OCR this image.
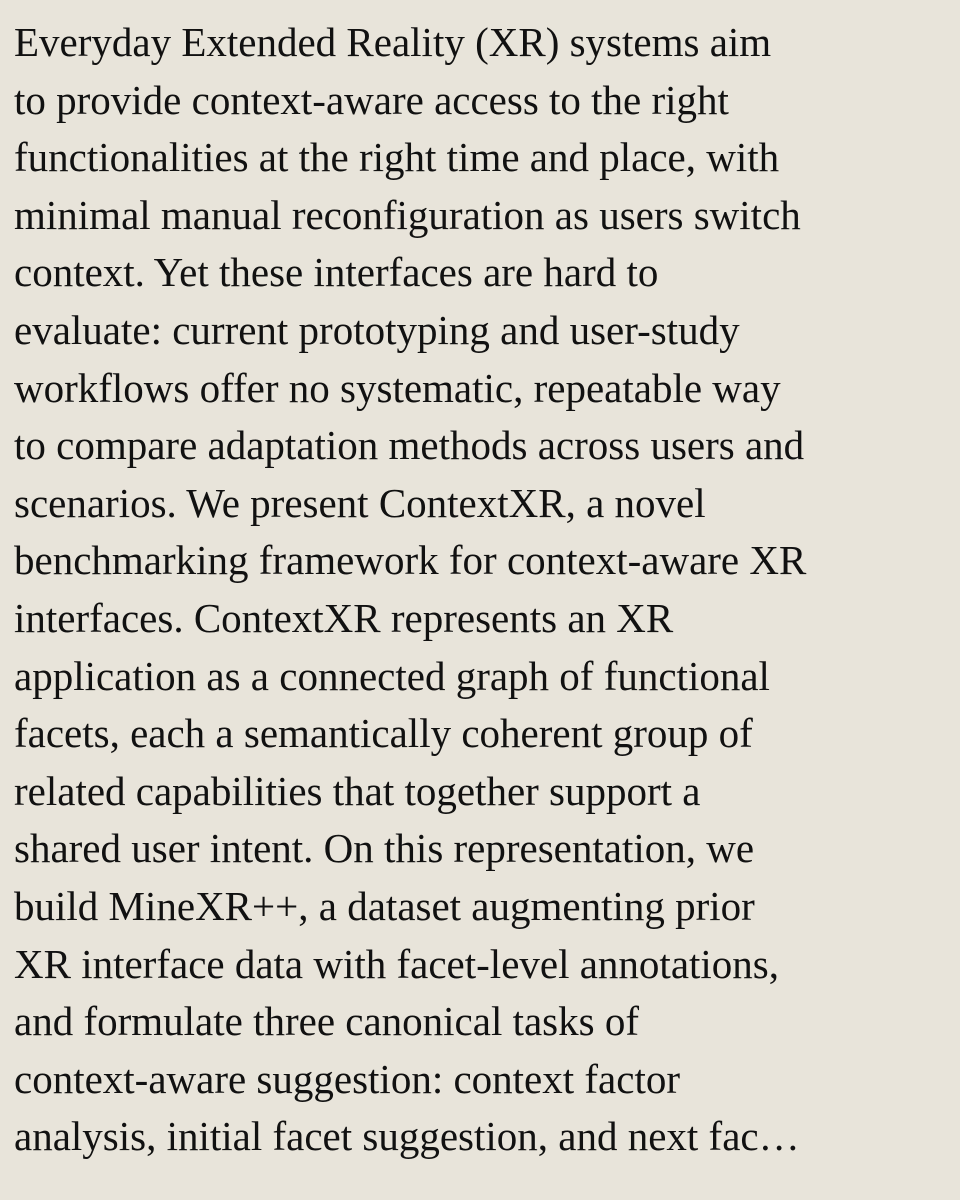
Everyday Extended Reality (XR) systems aim
to provide context-aware access to the right
functionalities at the right time and place, with
minimal manual reconfiguration as users switch
context. Yet these interfaces are hard to
evaluate: current prototyping and user-study
workflows offer no systematic, repeatable way
to compare adaptation methods across users and
scenarios. We present ContextXR, a novel
benchmarking framework for context-aware XR
interfaces. ContextXR represents an XR
application as a connected graph of functional
facets, each a semantically coherent group of
related capabilities that together support a
shared user intent. On this representation, we
build MineXR++, a dataset augmenting prior
XR interface data with facet-level annotations,
and formulate three canonical tasks of
context-aware suggestion: context factor
analysis, initial facet suggestion, and next fac…
